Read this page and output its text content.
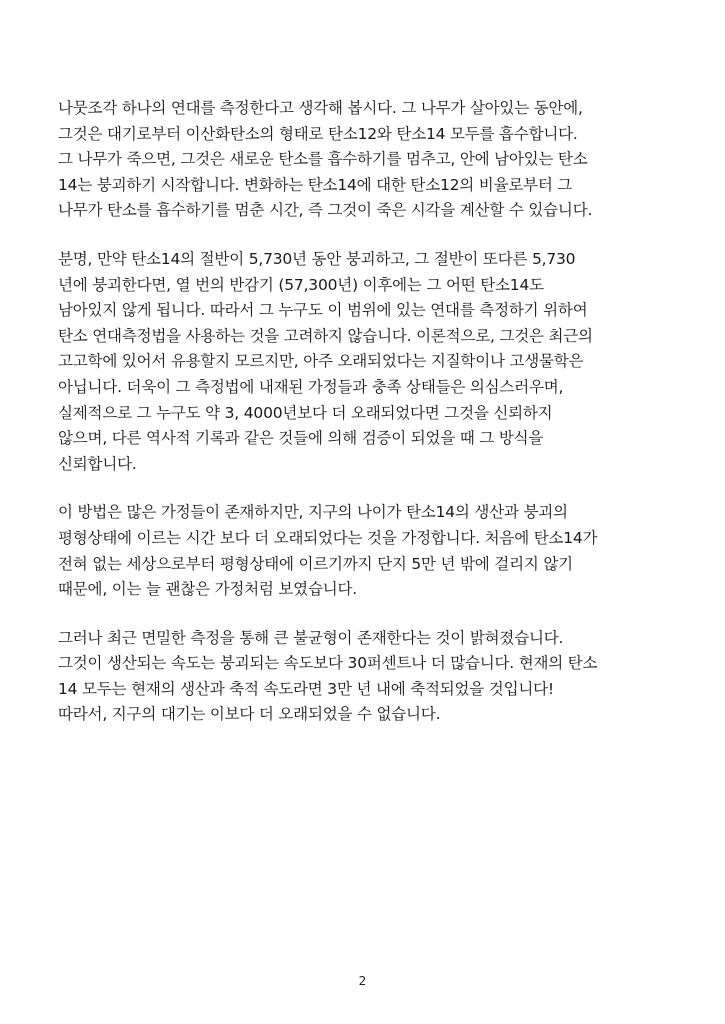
나뭇조각 하나의 연대를 측정한다고 생각해 봅시다. 그 나무가 살아있는 동안에,
그것은 대기로부터 이산화탄소의 형태로 탄소12와 탄소14 모두를 흡수합니다.
그 나무가 죽으면, 그것은 새로운 탄소를 흡수하기를 멈추고, 안에 남아있는 탄소
14는 붕괴하기 시작합니다. 변화하는 탄소14에 대한 탄소12의 비율로부터 그
나무가 탄소를 흡수하기를 멈춘 시간, 즉 그것이 죽은 시각을 계산할 수 있습니다.
분명, 만약 탄소14의 절반이 5,730년 동안 붕괴하고, 그 절반이 또다른 5,730
년에 붕괴한다면, 열 번의 반감기 (57,300년) 이후에는 그 어떤 탄소14도
남아있지 않게 됩니다. 따라서 그 누구도 이 범위에 있는 연대를 측정하기 위하여
탄소 연대측정법을 사용하는 것을 고려하지 않습니다. 이론적으로, 그것은 최근의
고고학에 있어서 유용할지 모르지만, 아주 오래되었다는 지질학이나 고생물학은
아닙니다. 더욱이 그 측정법에 내재된 가정들과 충족 상태들은 의심스러우며,
실제적으로 그 누구도 약 3, 4000년보다 더 오래되었다면 그것을 신뢰하지
않으며, 다른 역사적 기록과 같은 것들에 의해 검증이 되었을 때 그 방식을
신뢰합니다.
이 방법은 많은 가정들이 존재하지만, 지구의 나이가 탄소14의 생산과 붕괴의
평형상태에 이르는 시간 보다 더 오래되었다는 것을 가정합니다. 처음에 탄소14가
전혀 없는 세상으로부터 평형상태에 이르기까지 단지 5만 년 밖에 걸리지 않기
때문에, 이는 늘 괜찮은 가정처럼 보였습니다.
그러나 최근 면밀한 측정을 통해 큰 불균형이 존재한다는 것이 밝혀졌습니다.
그것이 생산되는 속도는 붕괴되는 속도보다 30퍼센트나 더 많습니다. 현재의 탄소
14 모두는 현재의 생산과 축적 속도라면 3만 년 내에 축적되었을 것입니다!
따라서, 지구의 대기는 이보다 더 오래되었을 수 없습니다.
2
